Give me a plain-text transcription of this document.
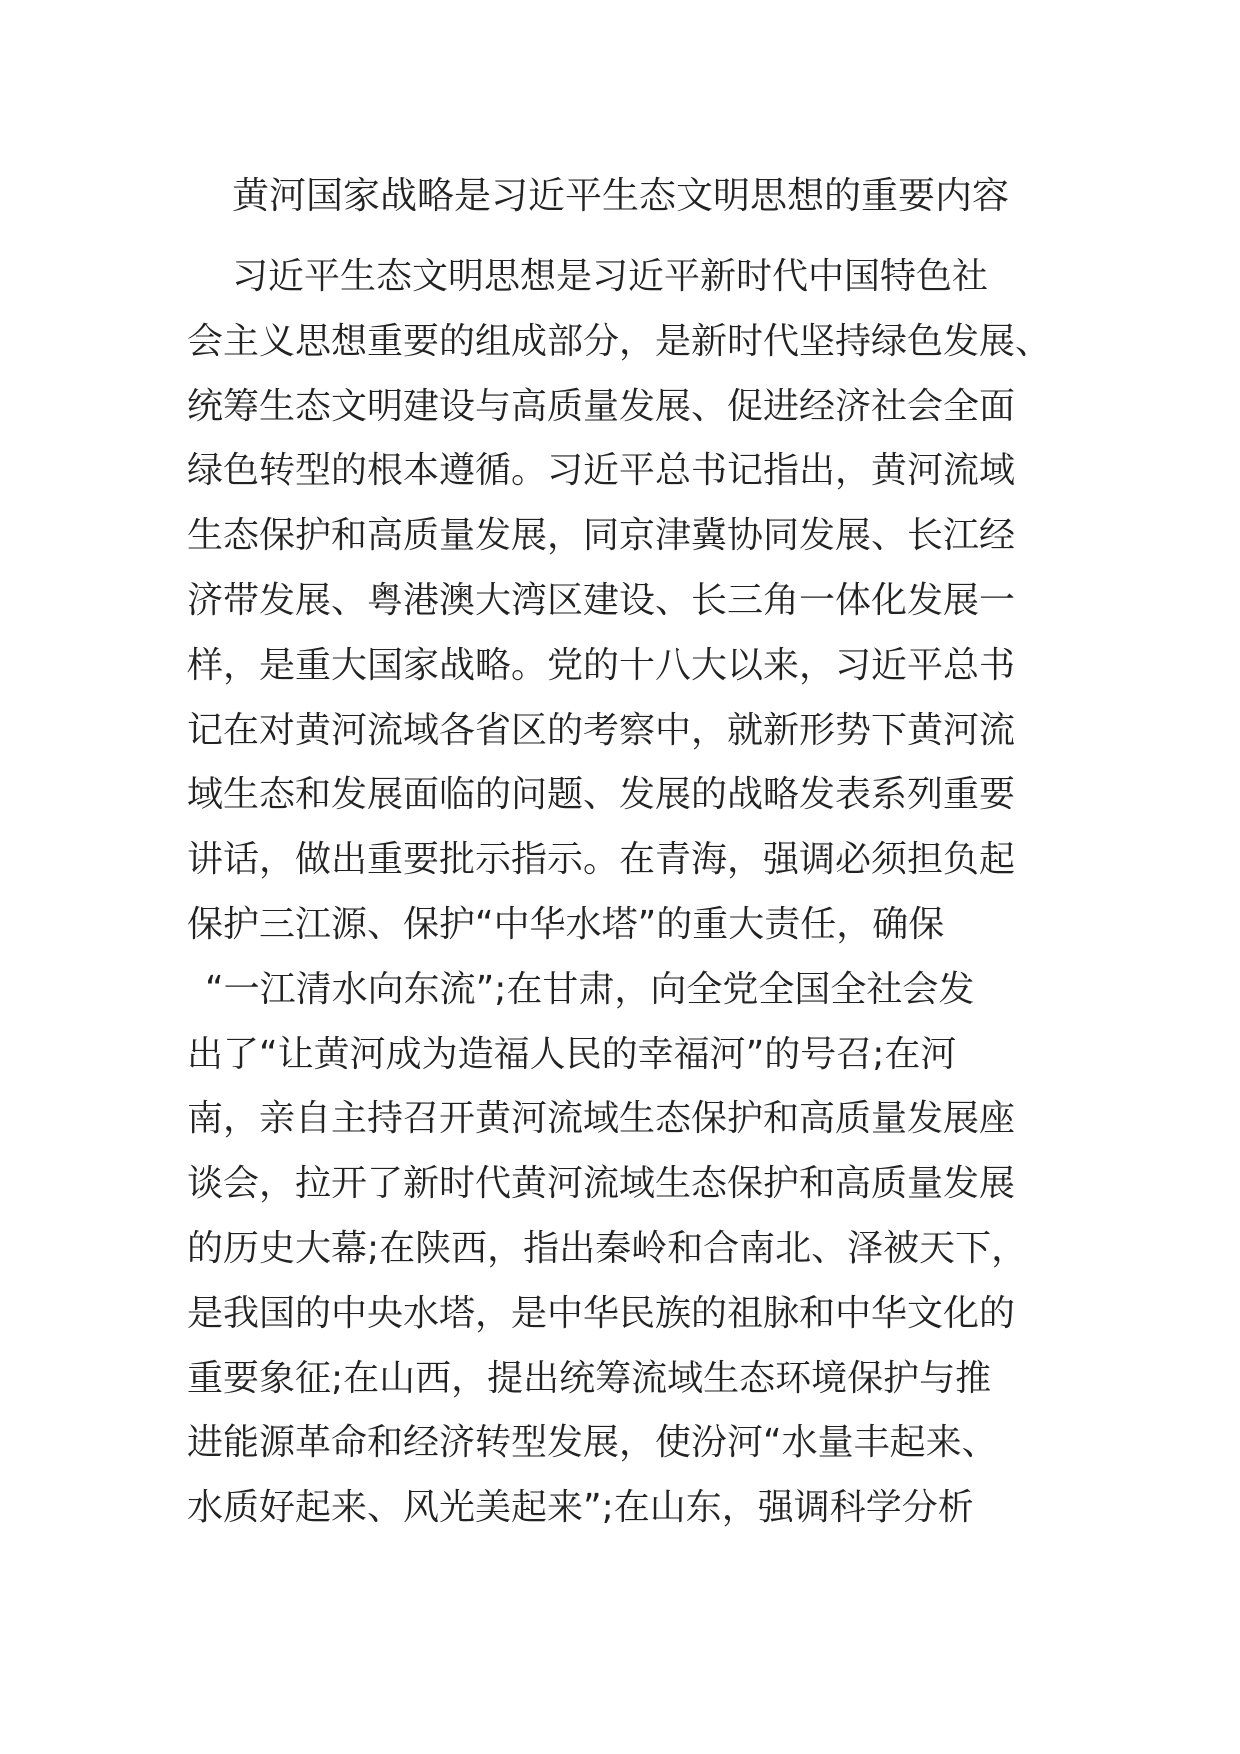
黄河国家战略是习近平生态文明思想的重要内容
习近平生态文明思想是习近平新时代中国特色社
会主义思想重要的组成部分，是新时代坚持绿色发展、
统筹生态文明建设与高质量发展、促进经济社会全面
绿色转型的根本遵循。习近平总书记指出，黄河流域
生态保护和高质量发展，同京津冀协同发展、长江经
济带发展、粤港澳大湾区建设、长三角一体化发展一
样，是重大国家战略。党的十八大以来，习近平总书
记在对黄河流域各省区的考察中，就新形势下黄河流
域生态和发展面临的问题、发展的战略发表系列重要
讲话，做出重要批示指示。在青海，强调必须担负起
保护三江源、保护“中华水塔”的重大责任，确保
“一江清水向东流”;在甘肃，向全党全国全社会发
出了“让黄河成为造福人民的幸福河”的号召;在河
南，亲自主持召开黄河流域生态保护和高质量发展座
谈会，拉开了新时代黄河流域生态保护和高质量发展
的历史大幕;在陕西，指出秦岭和合南北、泽被天下，
是我国的中央水塔，是中华民族的祖脉和中华文化的
重要象征;在山西，提出统筹流域生态环境保护与推
进能源革命和经济转型发展，使汾河“水量丰起来、
水质好起来、风光美起来”;在山东，强调科学分析
